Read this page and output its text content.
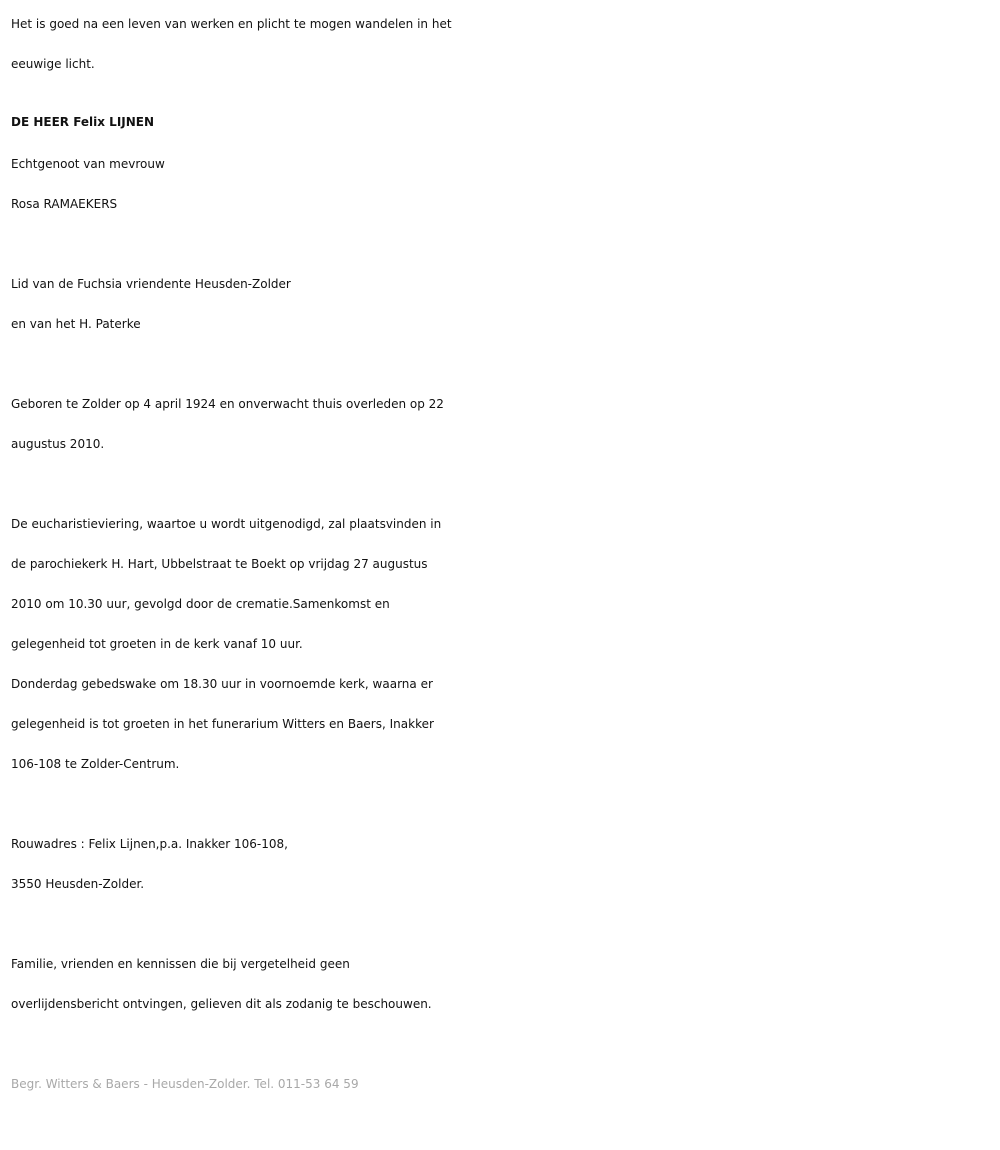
Het is goed na een leven van werken en plicht te mogen wandelen in het

eeuwige licht.

DE HEER Felix LIJNEN

Echtgenoot van mevrouw

Rosa RAMAEKERS

Lid van de Fuchsia vriendente Heusden-Zolder

en van het H. Paterke

Geboren te Zolder op 4 april 1924 en onverwacht thuis overleden op 22

augustus 2010.

De eucharistieviering, waartoe u wordt uitgenodigd, zal plaatsvinden in

de parochiekerk H. Hart, Ubbelstraat te Boekt op vrijdag 27 augustus

2010 om 10.30 uur, gevolgd door de crematie.Samenkomst en

gelegenheid tot groeten in de kerk vanaf 10 uur.

Donderdag gebedswake om 18.30 uur in voornoemde kerk, waarna er

gelegenheid is tot groeten in het funerarium Witters en Baers, Inakker

106-108 te Zolder-Centrum.

Rouwadres : Felix Lijnen,p.a. Inakker 106-108,

3550 Heusden-Zolder.

Familie, vrienden en kennissen die bij vergetelheid geen

overlijdensbericht ontvingen, gelieven dit als zodanig te beschouwen.

Begr. Witters & Baers - Heusden-Zolder. Tel. 011-53 64 59
